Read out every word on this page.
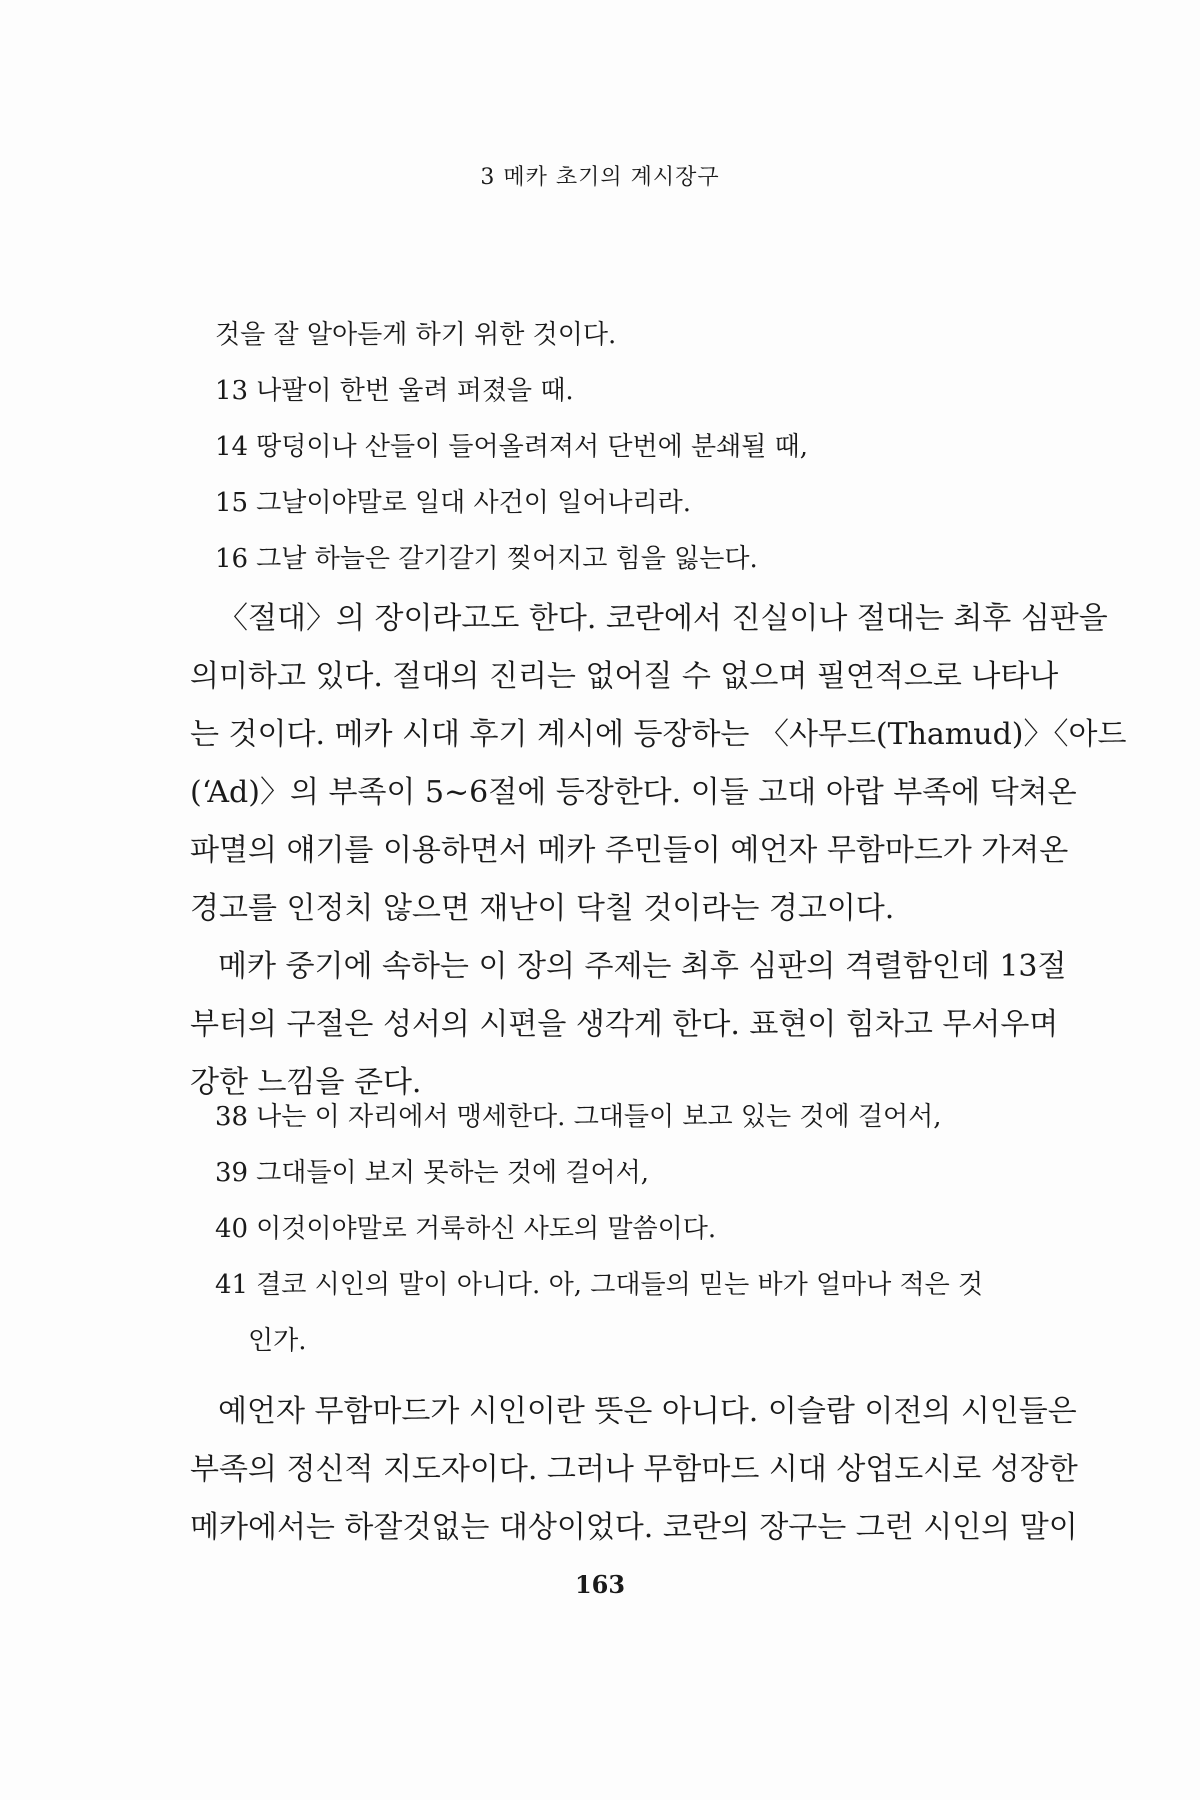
3 메카 초기의 계시장구
것을 잘 알아듣게 하기 위한 것이다.
13 나팔이 한번 울려 퍼졌을 때.
14 땅덩이나 산들이 들어올려져서 단번에 분쇄될 때,
15 그날이야말로 일대 사건이 일어나리라.
16 그날 하늘은 갈기갈기 찢어지고 힘을 잃는다.
〈절대〉의 장이라고도 한다. 코란에서 진실이나 절대는 최후 심판을
의미하고 있다. 절대의 진리는 없어질 수 없으며 필연적으로 나타나
는 것이다. 메카 시대 후기 계시에 등장하는 〈사무드(Thamud)〉〈아드
(‘Ad)〉의 부족이 5~6절에 등장한다. 이들 고대 아랍 부족에 닥쳐온
파멸의 얘기를 이용하면서 메카 주민들이 예언자 무함마드가 가져온
경고를 인정치 않으면 재난이 닥칠 것이라는 경고이다.
메카 중기에 속하는 이 장의 주제는 최후 심판의 격렬함인데 13절
부터의 구절은 성서의 시편을 생각게 한다. 표현이 힘차고 무서우며
강한 느낌을 준다.
38 나는 이 자리에서 맹세한다. 그대들이 보고 있는 것에 걸어서,
39 그대들이 보지 못하는 것에 걸어서,
40 이것이야말로 거룩하신 사도의 말씀이다.
41 결코 시인의 말이 아니다. 아, 그대들의 믿는 바가 얼마나 적은 것
인가.
예언자 무함마드가 시인이란 뜻은 아니다. 이슬람 이전의 시인들은
부족의 정신적 지도자이다. 그러나 무함마드 시대 상업도시로 성장한
메카에서는 하잘것없는 대상이었다. 코란의 장구는 그런 시인의 말이
163
